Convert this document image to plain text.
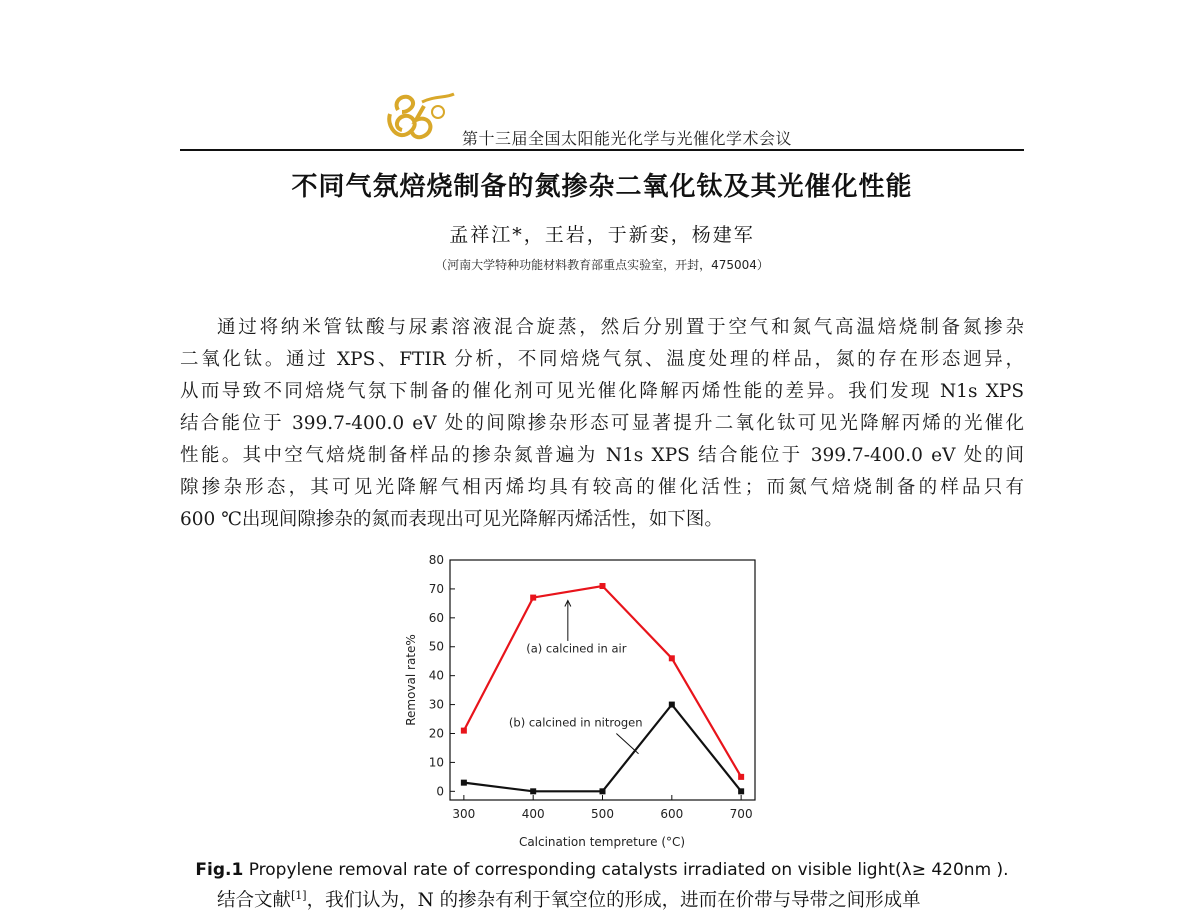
第十三届全国太阳能光化学与光催化学术会议
不同气氛焙烧制备的氮掺杂二氧化钛及其光催化性能
孟祥江*，王岩，于新娈，杨建军
（河南大学特种功能材料教育部重点实验室，开封，475004）
通过将纳米管钛酸与尿素溶液混合旋蒸，然后分别置于空气和氮气高温焙烧制备氮掺杂
二氧化钛。通过 XPS、FTIR 分析，不同焙烧气氛、温度处理的样品，氮的存在形态迥异，
从而导致不同焙烧气氛下制备的催化剂可见光催化降解丙烯性能的差异。我们发现 N1s XPS
结合能位于 399.7-400.0 eV 处的间隙掺杂形态可显著提升二氧化钛可见光降解丙烯的光催化
性能。其中空气焙烧制备样品的掺杂氮普遍为 N1s XPS 结合能位于 399.7-400.0 eV 处的间
隙掺杂形态，其可见光降解气相丙烯均具有较高的催化活性；而氮气焙烧制备的样品只有
600 ℃出现间隙掺杂的氮而表现出可见光降解丙烯活性，如下图。
0
10
20
30
40
50
60
70
80
300	400	500	600	700
(a) calcined in air
(b) calcined in nitrogen
Removal rate%
Calcination tempreture (°C)
Fig.1 Propylene removal rate of corresponding catalysts irradiated on visible light(λ≥ 420nm ).
结合文献[1]，我们认为，N 的掺杂有利于氧空位的形成，进而在价带与导带之间形成单
